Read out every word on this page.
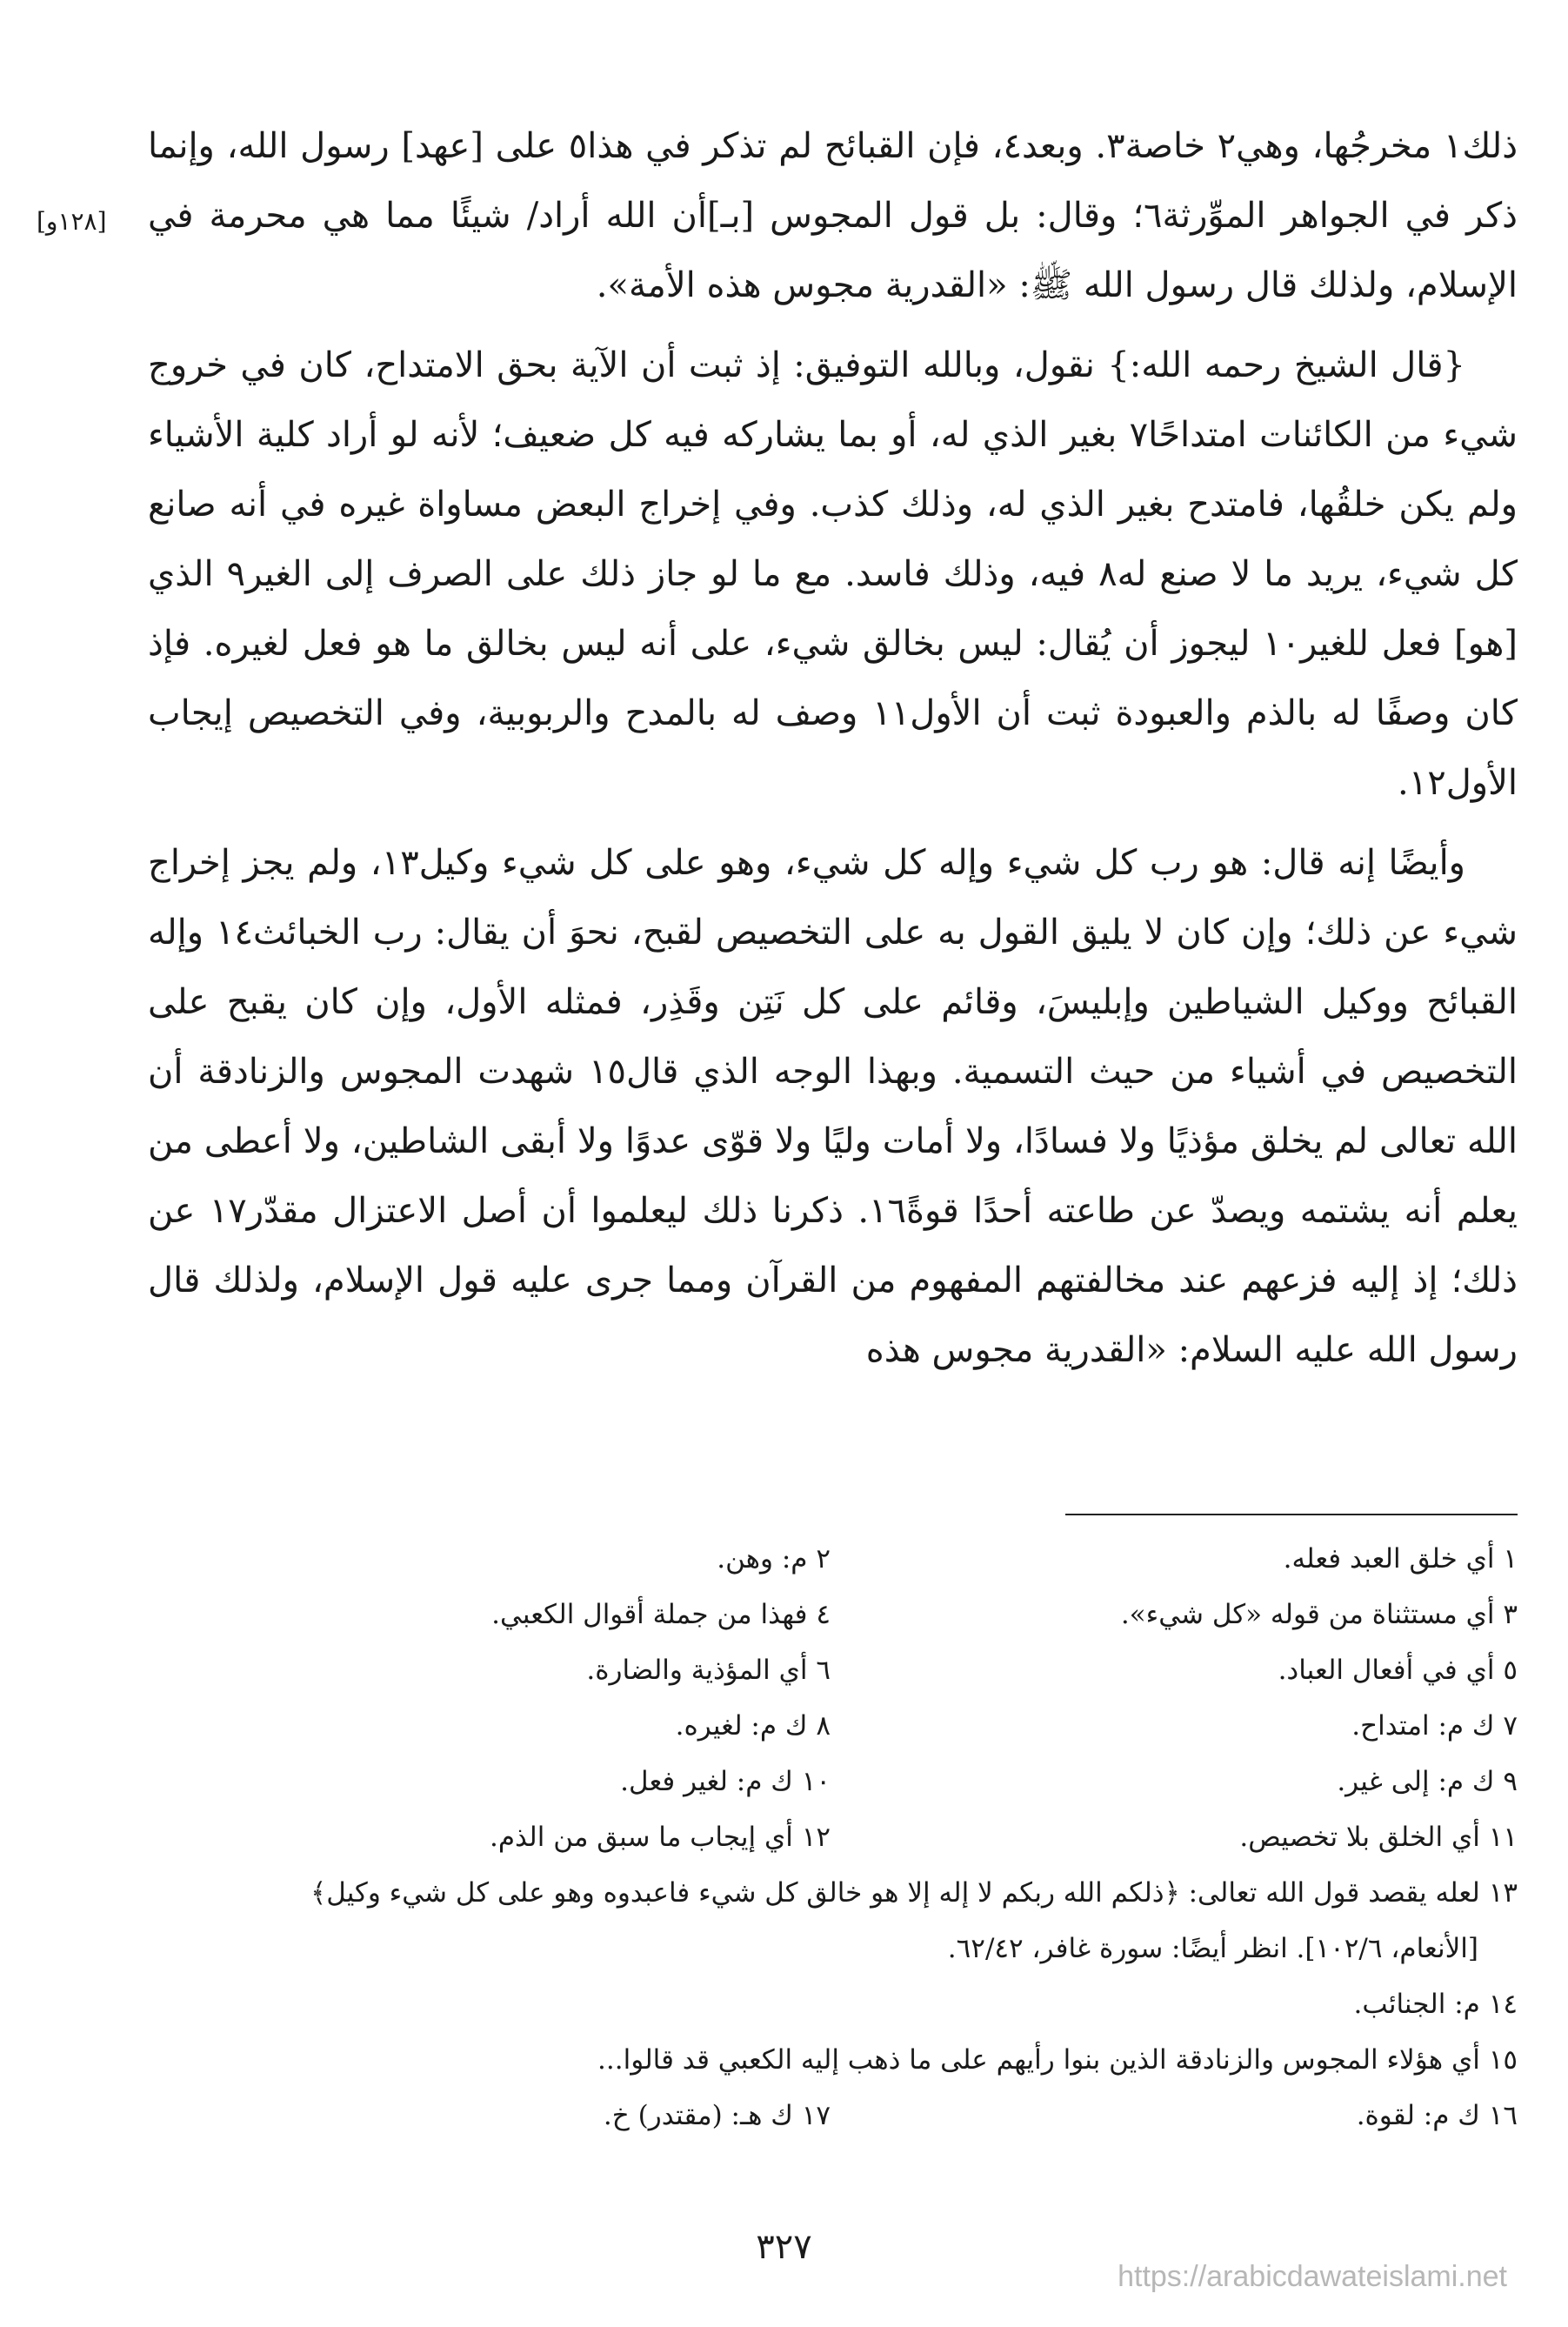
ذلك١ مخرجُها، وهي٢ خاصة٣. وبعد٤، فإن القبائح لم تذكر في هذا٥ على [عهد] رسول الله، وإنما ذكر في الجواهر الموِّرثة٦؛ وقال: بل قول المجوس [بـ]أن الله أراد/ شيئًا مما هي محرمة في الإسلام، ولذلك قال رسول الله ﷺ: «القدرية مجوس هذه الأمة».

{قال الشيخ رحمه الله:} نقول، وبالله التوفيق: إذ ثبت أن الآية بحق الامتداح، كان في خروج شيء من الكائنات امتداحًا٧ بغير الذي له، أو بما يشاركه فيه كل ضعيف؛ لأنه لو أراد كلية الأشياء ولم يكن خلقُها، فامتدح بغير الذي له، وذلك كذب. وفي إخراج البعض مساواة غيره في أنه صانع كل شيء، يريد ما لا صنع له٨ فيه، وذلك فاسد. مع ما لو جاز ذلك على الصرف إلى الغير٩ الذي [هو] فعل للغير١٠ ليجوز أن يُقال: ليس بخالق شيء، على أنه ليس بخالق ما هو فعل لغيره. فإذ كان وصفًا له بالذم والعبودة ثبت أن الأول١١ وصف له بالمدح والربوبية، وفي التخصيص إيجاب الأول١٢.

وأيضًا إنه قال: هو رب كل شيء وإله كل شيء، وهو على كل شيء وكيل١٣، ولم يجز إخراج شيء عن ذلك؛ وإن كان لا يليق القول به على التخصيص لقبح، نحوَ أن يقال: رب الخبائث١٤ وإله القبائح ووكيل الشياطين وإبليسَ، وقائم على كل نَتِن وقَذِر، فمثله الأول، وإن كان يقبح على التخصيص في أشياء من حيث التسمية. وبهذا الوجه الذي قال١٥ شهدت المجوس والزنادقة أن الله تعالى لم يخلق مؤذيًا ولا فسادًا، ولا أمات وليًا ولا قوّى عدوًا ولا أبقى الشاطين، ولا أعطى من يعلم أنه يشتمه ويصدّ عن طاعته أحدًا قوةً١٦. ذكرنا ذلك ليعلموا أن أصل الاعتزال مقدّر١٧ عن ذلك؛ إذ إليه فزعهم عند مخالفتهم المفهوم من القرآن ومما جرى عليه قول الإسلام، ولذلك قال رسول الله عليه السلام: «القدرية مجوس هذه

[١٢٨و]
١ أي خلق العبد فعله.
٢ م: وهن.
٣ أي مستثناة من قوله «كل شيء».
٤ فهذا من جملة أقوال الكعبي.
٥ أي في أفعال العباد.
٦ أي المؤذية والضارة.
٧ ك م: امتداح.
٨ ك م: لغيره.
٩ ك م: إلى غير.
١٠ ك م: لغير فعل.
١١ أي الخلق بلا تخصيص.
١٢ أي إيجاب ما سبق من الذم.
١٣ لعله يقصد قول الله تعالى: ﴿ذلكم الله ربكم لا إله إلا هو خالق كل شيء فاعبدوه وهو على كل شيء وكيل﴾
[الأنعام، ١٠٢/٦]. انظر أيضًا: سورة غافر، ٦٢/٤٢.
١٤ م: الجنائب.
١٥ أي هؤلاء المجوس والزنادقة الذين بنوا رأيهم على ما ذهب إليه الكعبي قد قالوا...
١٦ ك م: لقوة.
١٧ ك هـ: (مقتدر) خ.
٣٢٧
https://arabicdawateislami.net
